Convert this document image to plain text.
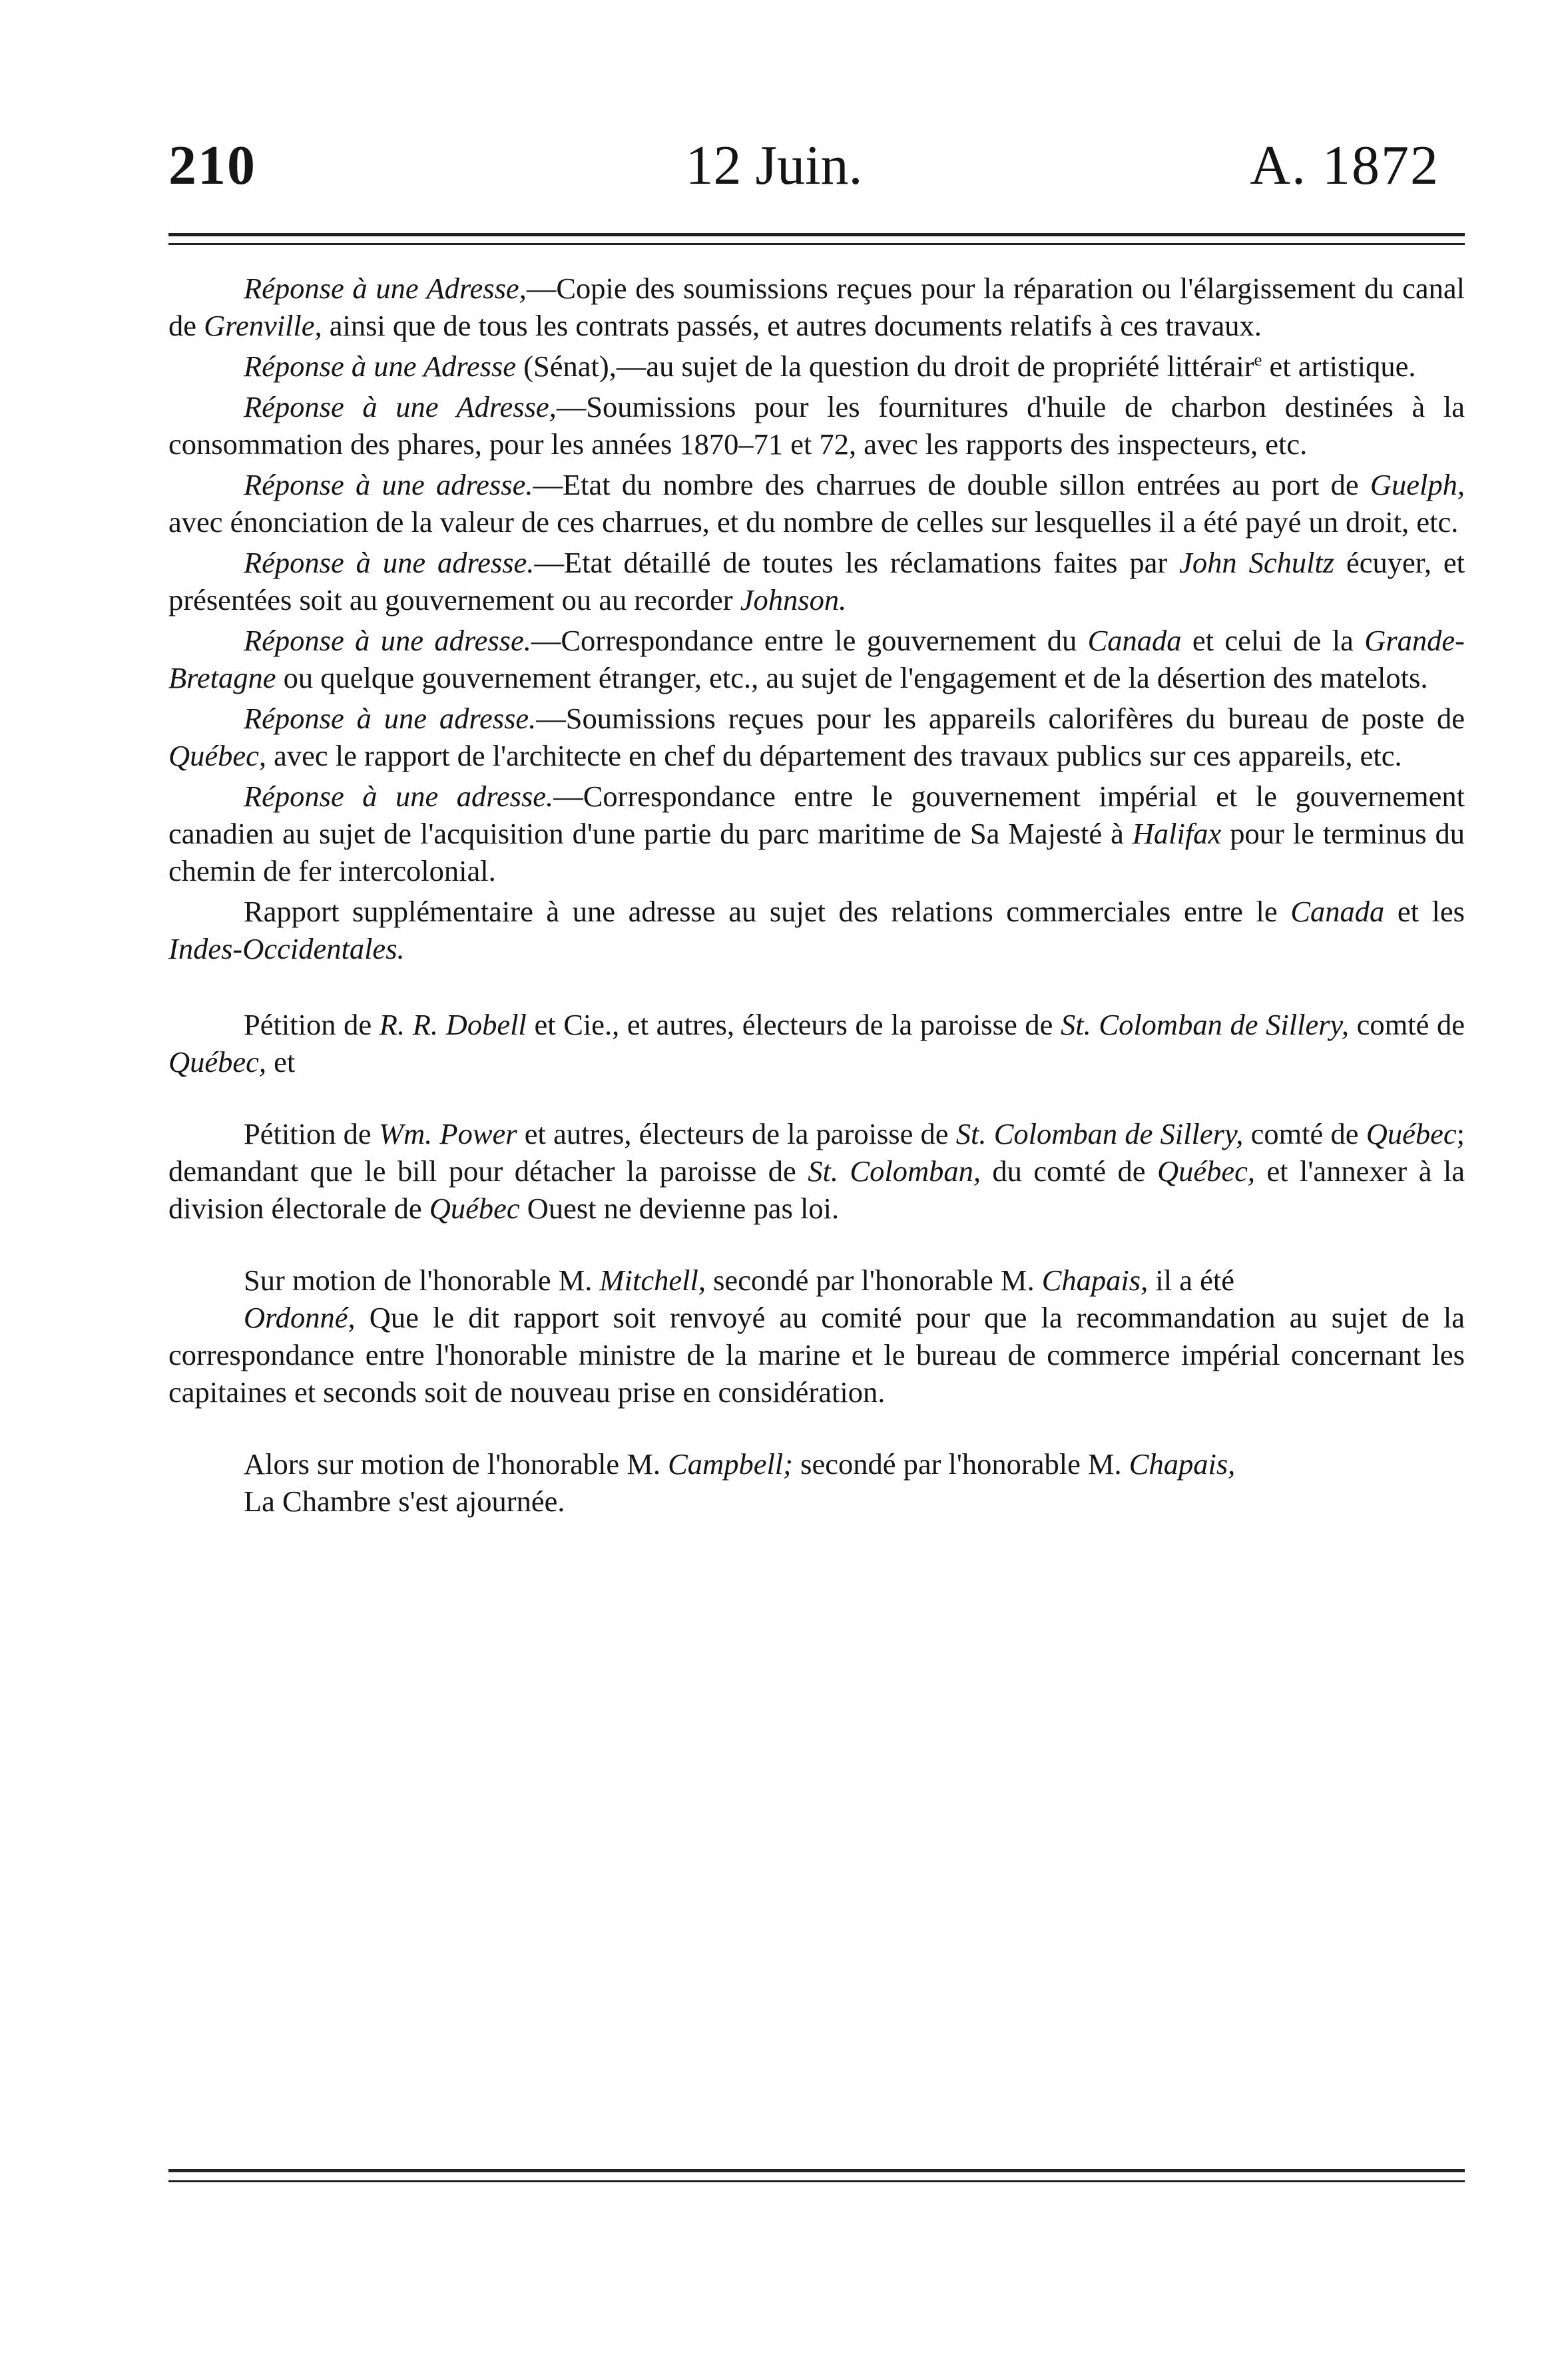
210	12 Juin.	A. 1872

Réponse à une Adresse,—Copie des soumissions reçues pour la réparation ou l'élargissement du canal de Grenville, ainsi que de tous les contrats passés, et autres documents relatifs à ces travaux.

Réponse à une Adresse (Sénat),—au sujet de la question du droit de propriété littérair$^e$ et artistique.

Réponse à une Adresse,—Soumissions pour les fournitures d'huile de charbon destinées à la consommation des phares, pour les années 1870–71 et 72, avec les rapports des inspecteurs, etc.

Réponse à une adresse.—Etat du nombre des charrues de double sillon entrées au port de Guelph, avec énonciation de la valeur de ces charrues, et du nombre de celles sur lesquelles il a été payé un droit, etc.

Réponse à une adresse.—Etat détaillé de toutes les réclamations faites par John Schultz écuyer, et présentées soit au gouvernement ou au recorder Johnson.

Réponse à une adresse.—Correspondance entre le gouvernement du Canada et celui de la Grande-Bretagne ou quelque gouvernement étranger, etc., au sujet de l'engagement et de la désertion des matelots.

Réponse à une adresse.—Soumissions reçues pour les appareils calorifères du bureau de poste de Québec, avec le rapport de l'architecte en chef du département des travaux publics sur ces appareils, etc.

Réponse à une adresse.—Correspondance entre le gouvernement impérial et le gouvernement canadien au sujet de l'acquisition d'une partie du parc maritime de Sa Majesté à Halifax pour le terminus du chemin de fer intercolonial.

Rapport supplémentaire à une adresse au sujet des relations commerciales entre le Canada et les Indes-Occidentales.

Pétition de R. R. Dobell et Cie., et autres, électeurs de la paroisse de St. Colomban de Sillery, comté de Québec, et

Pétition de Wm. Power et autres, électeurs de la paroisse de St. Colomban de Sillery, comté de Québec; demandant que le bill pour détacher la paroisse de St. Colomban, du comté de Québec, et l'annexer à la division électorale de Québec Ouest ne devienne pas loi.

Sur motion de l'honorable M. Mitchell, secondé par l'honorable M. Chapais, il a été
Ordonné, Que le dit rapport soit renvoyé au comité pour que la recommandation au sujet de la correspondance entre l'honorable ministre de la marine et le bureau de commerce impérial concernant les capitaines et seconds soit de nouveau prise en considération.

Alors sur motion de l'honorable M. Campbell; secondé par l'honorable M. Chapais,
La Chambre s'est ajournée.
